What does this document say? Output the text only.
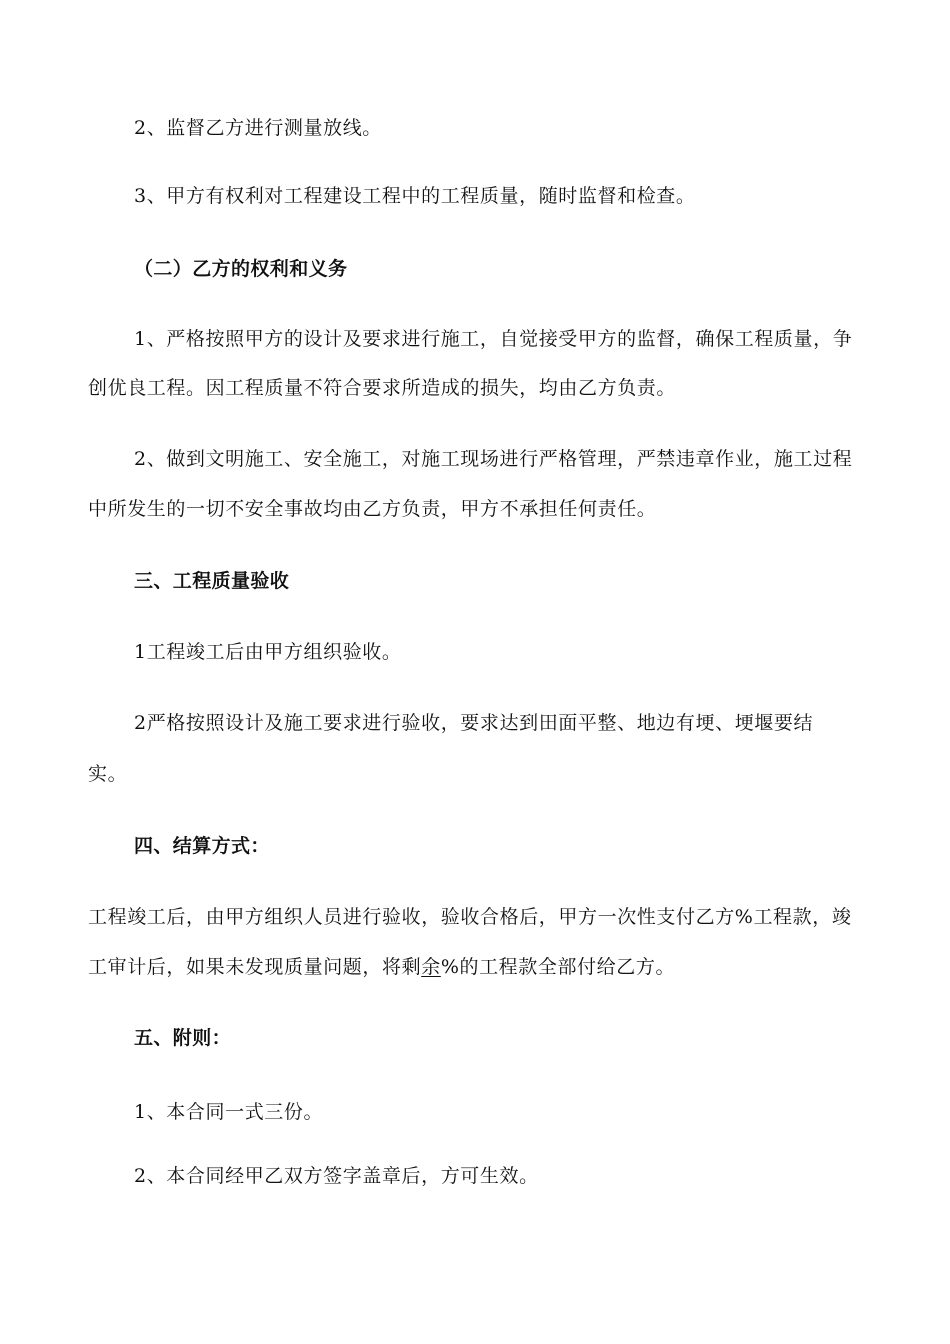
2、监督乙方进行测量放线。
3、甲方有权利对工程建设工程中的工程质量，随时监督和检查。
（二）乙方的权利和义务
1、严格按照甲方的设计及要求进行施工，自觉接受甲方的监督，确保工程质量，争
创优良工程。因工程质量不符合要求所造成的损失，均由乙方负责。
2、做到文明施工、安全施工，对施工现场进行严格管理，严禁违章作业，施工过程
中所发生的一切不安全事故均由乙方负责，甲方不承担任何责任。
三、工程质量验收
1工程竣工后由甲方组织验收。
2严格按照设计及施工要求进行验收，要求达到田面平整、地边有埂、埂堰要结
实。
四、结算方式：
工程竣工后，由甲方组织人员进行验收，验收合格后，甲方一次性支付乙方%工程款，竣
工审计后，如果未发现质量问题，将剩余%的工程款全部付给乙方。
五、附则：
1、本合同一式三份。
2、本合同经甲乙双方签字盖章后，方可生效。
